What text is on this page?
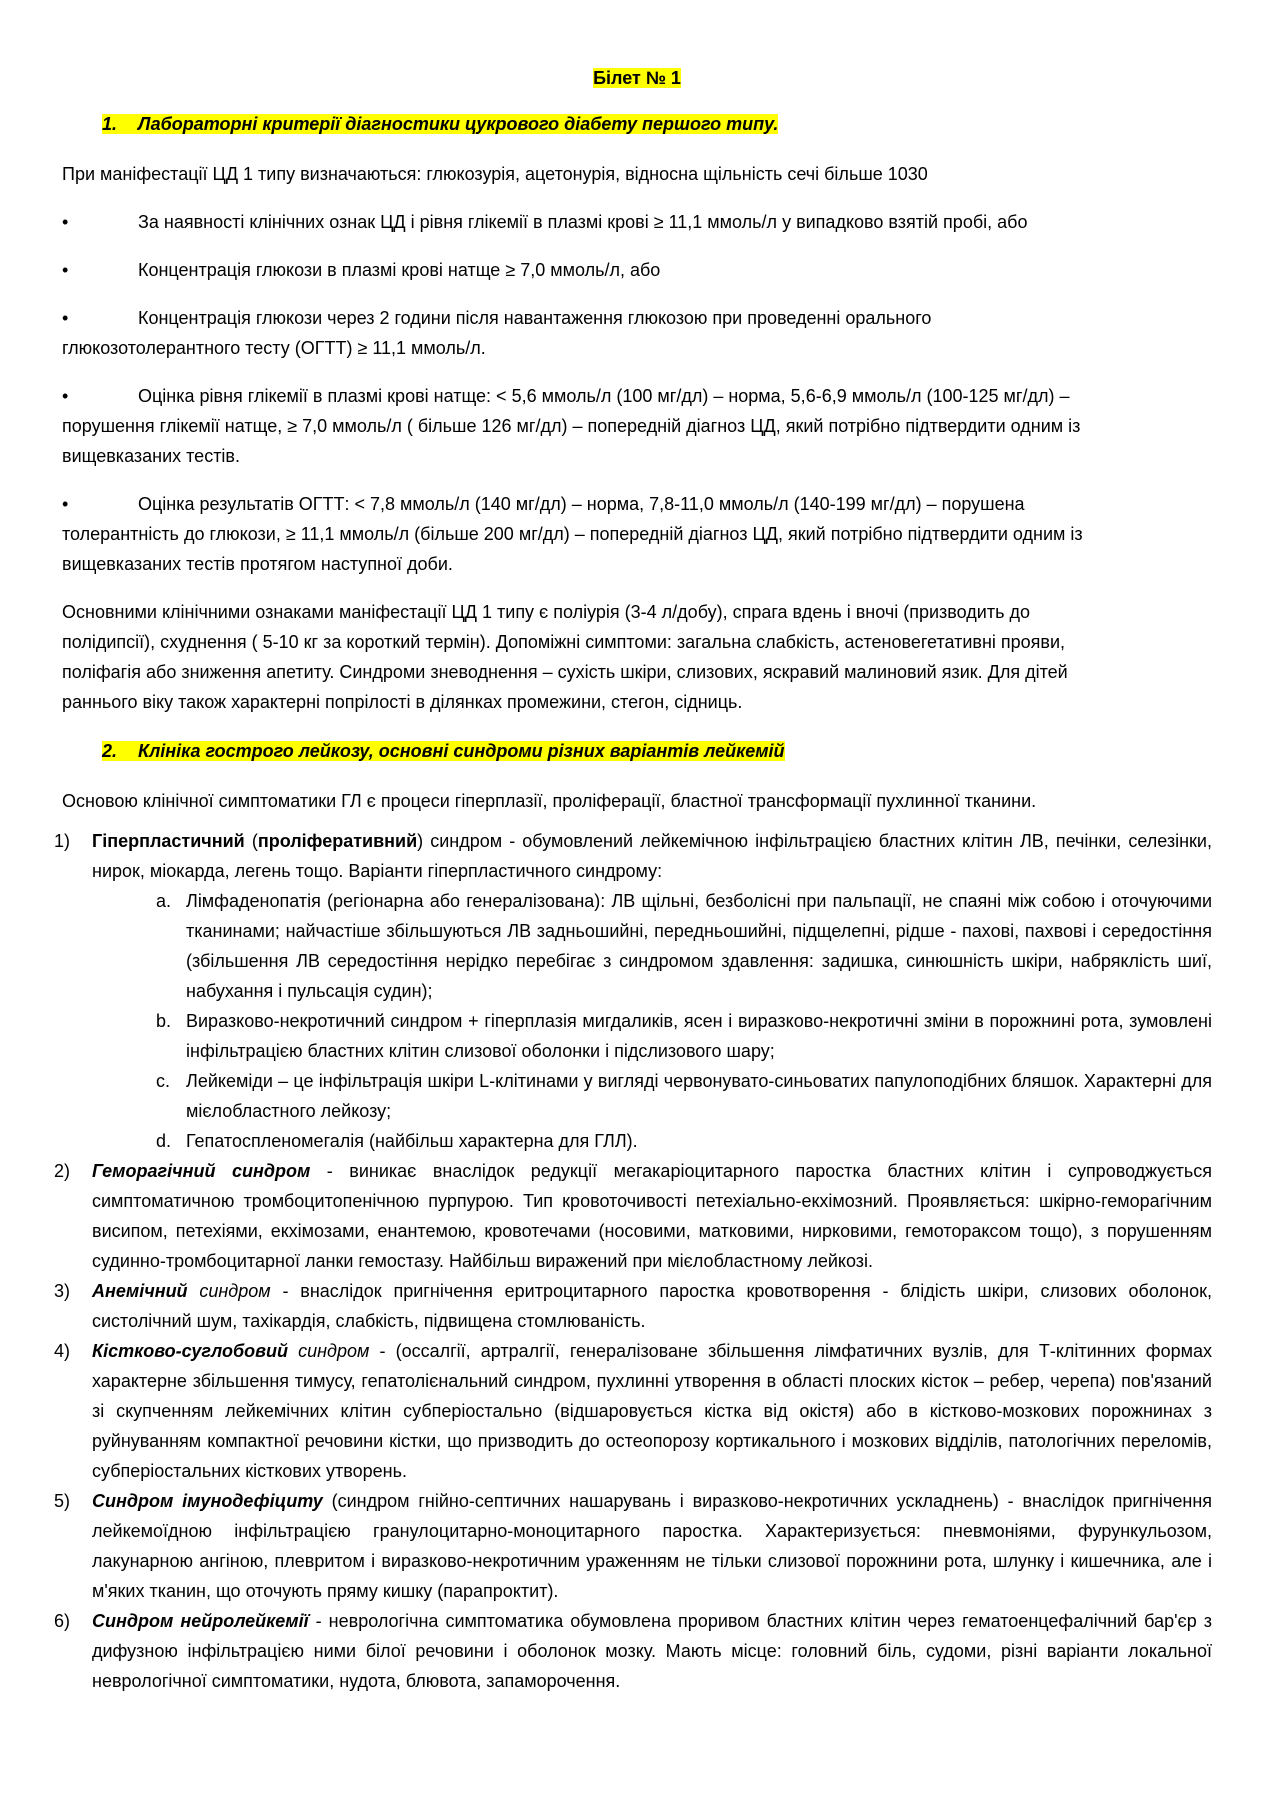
Білет № 1
1. Лабораторні критерії діагностики цукрового діабету першого типу.
При маніфестації ЦД 1 типу визначаються: глюкозурія, ацетонурія, відносна щільність сечі більше 1030
•	За наявності клінічних ознак ЦД і рівня глікемії в плазмі крові ≥ 11,1 ммоль/л у випадково взятій пробі, або
•	Концентрація глюкози в плазмі крові натще ≥ 7,0 ммоль/л, або
•	Концентрація глюкози через 2 години після навантаження глюкозою при проведенні орального
глюкозотолерантного тесту (ОГТТ) ≥ 11,1 ммоль/л.
•	Оцінка рівня глікемії в плазмі крові натще: < 5,6 ммоль/л (100 мг/дл) – норма, 5,6-6,9 ммоль/л (100-125 мг/дл) –
порушення глікемії натще, ≥ 7,0 ммоль/л ( більше 126 мг/дл) – попередній діагноз ЦД, який потрібно підтвердити одним із
вищевказаних тестів.
•	Оцінка результатів ОГТТ: < 7,8 ммоль/л (140 мг/дл) – норма, 7,8-11,0 ммоль/л (140-199 мг/дл) – порушена
толерантність до глюкози, ≥ 11,1 ммоль/л (більше 200 мг/дл) – попередній діагноз ЦД, який потрібно підтвердити одним із
вищевказаних тестів протягом наступної доби.
Основними клінічними ознаками маніфестації ЦД 1 типу є поліурія (3-4 л/добу), спрага вдень і вночі (призводить до
полідипсії), схуднення ( 5-10 кг за короткий термін). Допоміжні симптоми: загальна слабкість, астеновегетативні прояви,
поліфагія або зниження апетиту. Синдроми зневоднення – сухість шкіри, слизових, яскравий малиновий язик. Для дітей
раннього віку також характерні попрілості в ділянках промежини, стегон, сідниць.
2. Клініка гострого лейкозу, основні синдроми різних варіантів лейкемій
Основою клінічної симптоматики ГЛ є процеси гіперплазії, проліферації, бластної трансформації пухлинної тканини.
1) Гіперпластичний (проліферативний) синдром - обумовлений лейкемічною інфільтрацією бластних клітин ЛВ, печінки, селезінки, нирок, міокарда, легень тощо. Варіанти гіперпластичного синдрому:
a. Лімфаденопатія (регіонарна або генералізована): ЛВ щільні, безболісні при пальпації, не спаяні між собою і оточуючими тканинами; найчастіше збільшуються ЛВ задньошийні, передньошийні, підщелепні, рідше - пахові, пахвові і середостіння (збільшення ЛВ середостіння нерідко перебігає з синдромом здавлення: задишка, синюшність шкіри, набряклість шиї, набухання і пульсація судин);
b. Виразково-некротичний синдром + гіперплазія мигдаликів, ясен і виразково-некротичні зміни в порожнині рота, зумовлені інфільтрацією бластних клітин слизової оболонки і підслизового шару;
c. Лейкеміди – це інфільтрація шкіри L-клітинами у вигляді червонувато-синьоватих папулоподібних бляшок. Характерні для мієлобластного лейкозу;
d. Гепатоспленомегалія (найбільш характерна для ГЛЛ).
2) Геморагічний синдром - виникає внаслідок редукції мегакаріоцитарного паростка бластних клітин і супроводжується симптоматичною тромбоцитопенічною пурпурою. Тип кровоточивості петехіально-екхімозний. Проявляється: шкірно-геморагічним висипом, петехіями, екхімозами, енантемою, кровотечами (носовими, матковими, нирковими, гемотораксом тощо), з порушенням судинно-тромбоцитарної ланки гемостазу. Найбільш виражений при мієлобластному лейкозі.
3) Анемічний синдром - внаслідок пригнічення еритроцитарного паростка кровотворення - блідість шкіри, слизових оболонок, систолічний шум, тахікардія, слабкість, підвищена стомлюваність.
4) Кістково-суглобовий синдром - (оссалгії, артралгії, генералізоване збільшення лімфатичних вузлів, для Т-клітинних формах характерне збільшення тимусу, гепатолієнальний синдром, пухлинні утворення в області плоских кісток – ребер, черепа) пов'язаний зі скупченням лейкемічних клітин субперіостально (відшаровується кістка від окістя) або в кістково-мозкових порожнинах з руйнуванням компактної речовини кістки, що призводить до остеопорозу кортикального і мозкових відділів, патологічних переломів, субперіостальних кісткових утворень.
5) Синдром імунодефіциту (синдром гнійно-септичних нашарувань і виразково-некротичних ускладнень) - внаслідок пригнічення лейкемоїдною інфільтрацією гранулоцитарно-моноцитарного паростка. Характеризується: пневмоніями, фурункульозом, лакунарною ангіною, плевритом і виразково-некротичним ураженням не тільки слизової порожнини рота, шлунку і кишечника, але і м'яких тканин, що оточують пряму кишку (парапроктит).
6) Синдром нейролейкемії - неврологічна симптоматика обумовлена проривом бластних клітин через гематоенцефалічний бар'єр з дифузною інфільтрацією ними білої речовини і оболонок мозку. Мають місце: головний біль, судоми, різні варіанти локальної неврологічної симптоматики, нудота, блювота, запаморочення.
